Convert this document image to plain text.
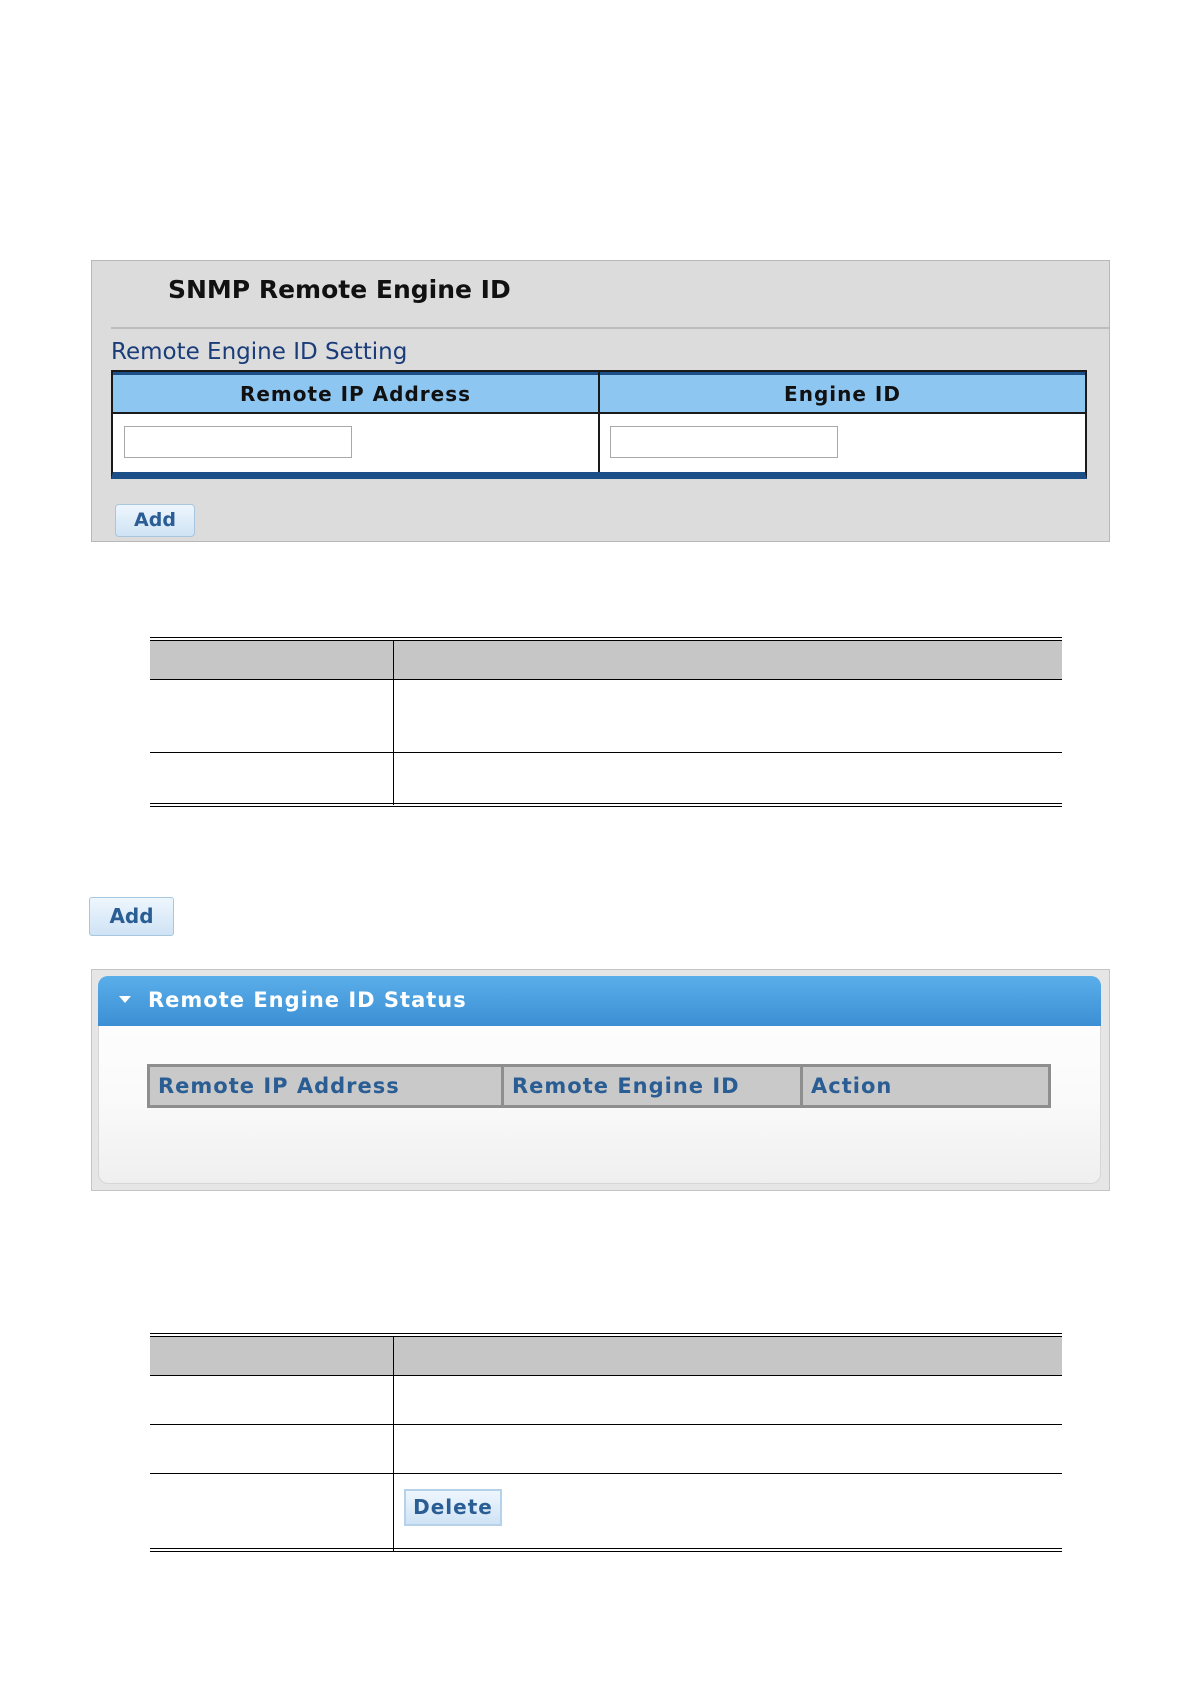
SNMP Remote Engine ID
Remote Engine ID Setting
Remote IP Address	Engine ID
Add
Add
Remote Engine ID Status
Remote IP Address	Remote Engine ID	Action
Delete
